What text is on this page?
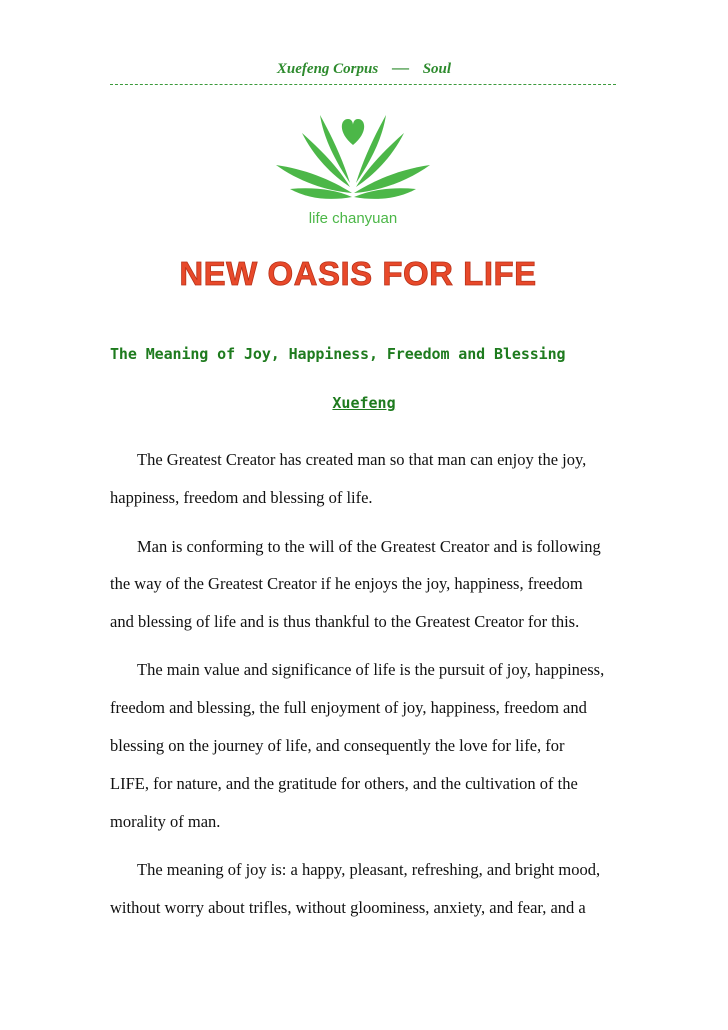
Xuefeng Corpus — Soul
life chanyuan
NEW OASIS FOR LIFE
The Meaning of Joy, Happiness, Freedom and Blessing
Xuefeng
The Greatest Creator has created man so that man can enjoy the joy,
happiness, freedom and blessing of life.
Man is conforming to the will of the Greatest Creator and is following
the way of the Greatest Creator if he enjoys the joy, happiness, freedom
and blessing of life and is thus thankful to the Greatest Creator for this.
The main value and significance of life is the pursuit of joy, happiness,
freedom and blessing, the full enjoyment of joy, happiness, freedom and
blessing on the journey of life, and consequently the love for life, for
LIFE, for nature, and the gratitude for others, and the cultivation of the
morality of man.
The meaning of joy is: a happy, pleasant, refreshing, and bright mood,
without worry about trifles, without gloominess, anxiety, and fear, and a
